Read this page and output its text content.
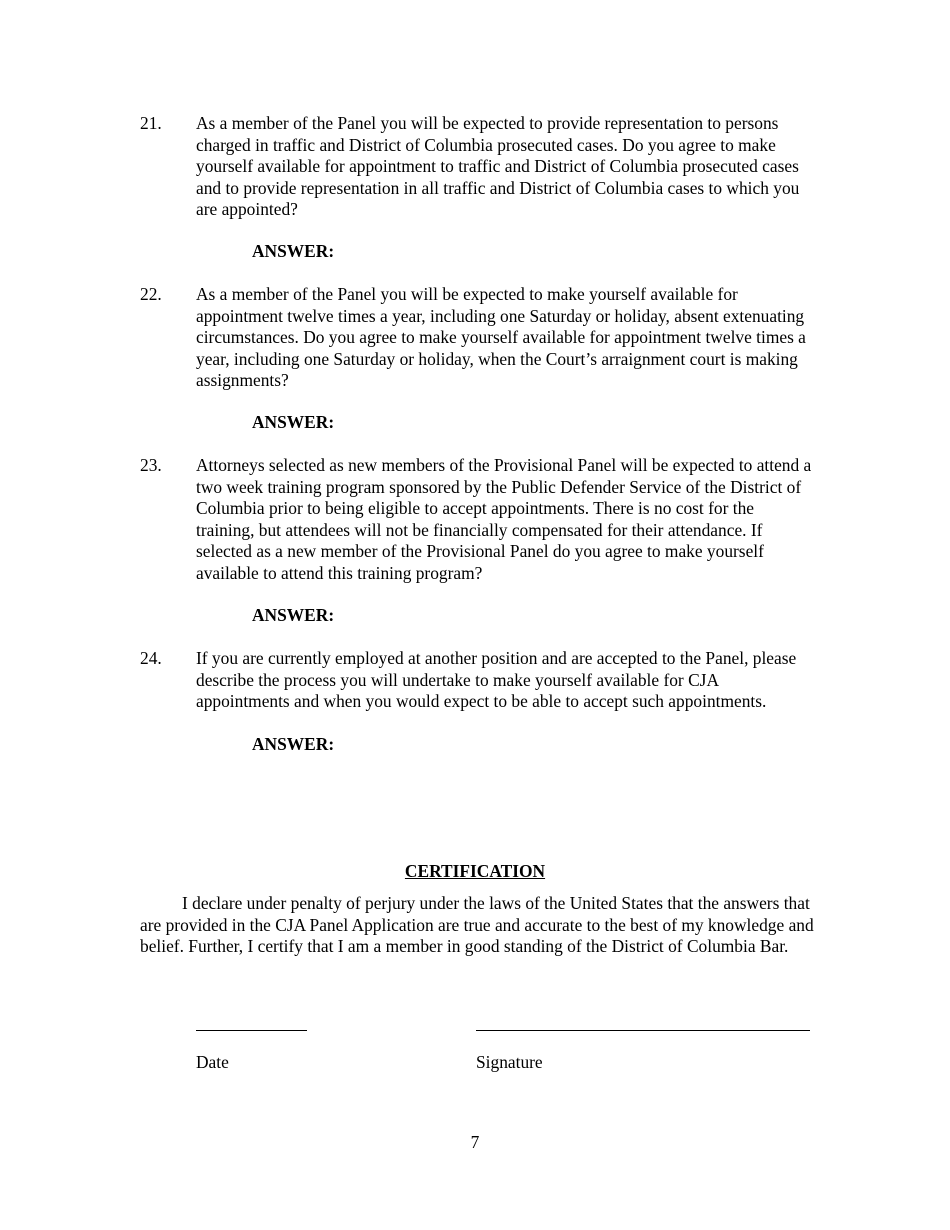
21. As a member of the Panel you will be expected to provide representation to persons charged in traffic and District of Columbia prosecuted cases. Do you agree to make yourself available for appointment to traffic and District of Columbia prosecuted cases and to provide representation in all traffic and District of Columbia cases to which you are appointed?
ANSWER:
22. As a member of the Panel you will be expected to make yourself available for appointment twelve times a year, including one Saturday or holiday, absent extenuating circumstances. Do you agree to make yourself available for appointment twelve times a year, including one Saturday or holiday, when the Court’s arraignment court is making assignments?
ANSWER:
23. Attorneys selected as new members of the Provisional Panel will be expected to attend a two week training program sponsored by the Public Defender Service of the District of Columbia prior to being eligible to accept appointments. There is no cost for the training, but attendees will not be financially compensated for their attendance. If selected as a new member of the Provisional Panel do you agree to make yourself available to attend this training program?
ANSWER:
24. If you are currently employed at another position and are accepted to the Panel, please describe the process you will undertake to make yourself available for CJA appointments and when you would expect to be able to accept such appointments.
ANSWER:
CERTIFICATION
I declare under penalty of perjury under the laws of the United States that the answers that are provided in the CJA Panel Application are true and accurate to the best of my knowledge and belief. Further, I certify that I am a member in good standing of the District of Columbia Bar.
Date	Signature
7
